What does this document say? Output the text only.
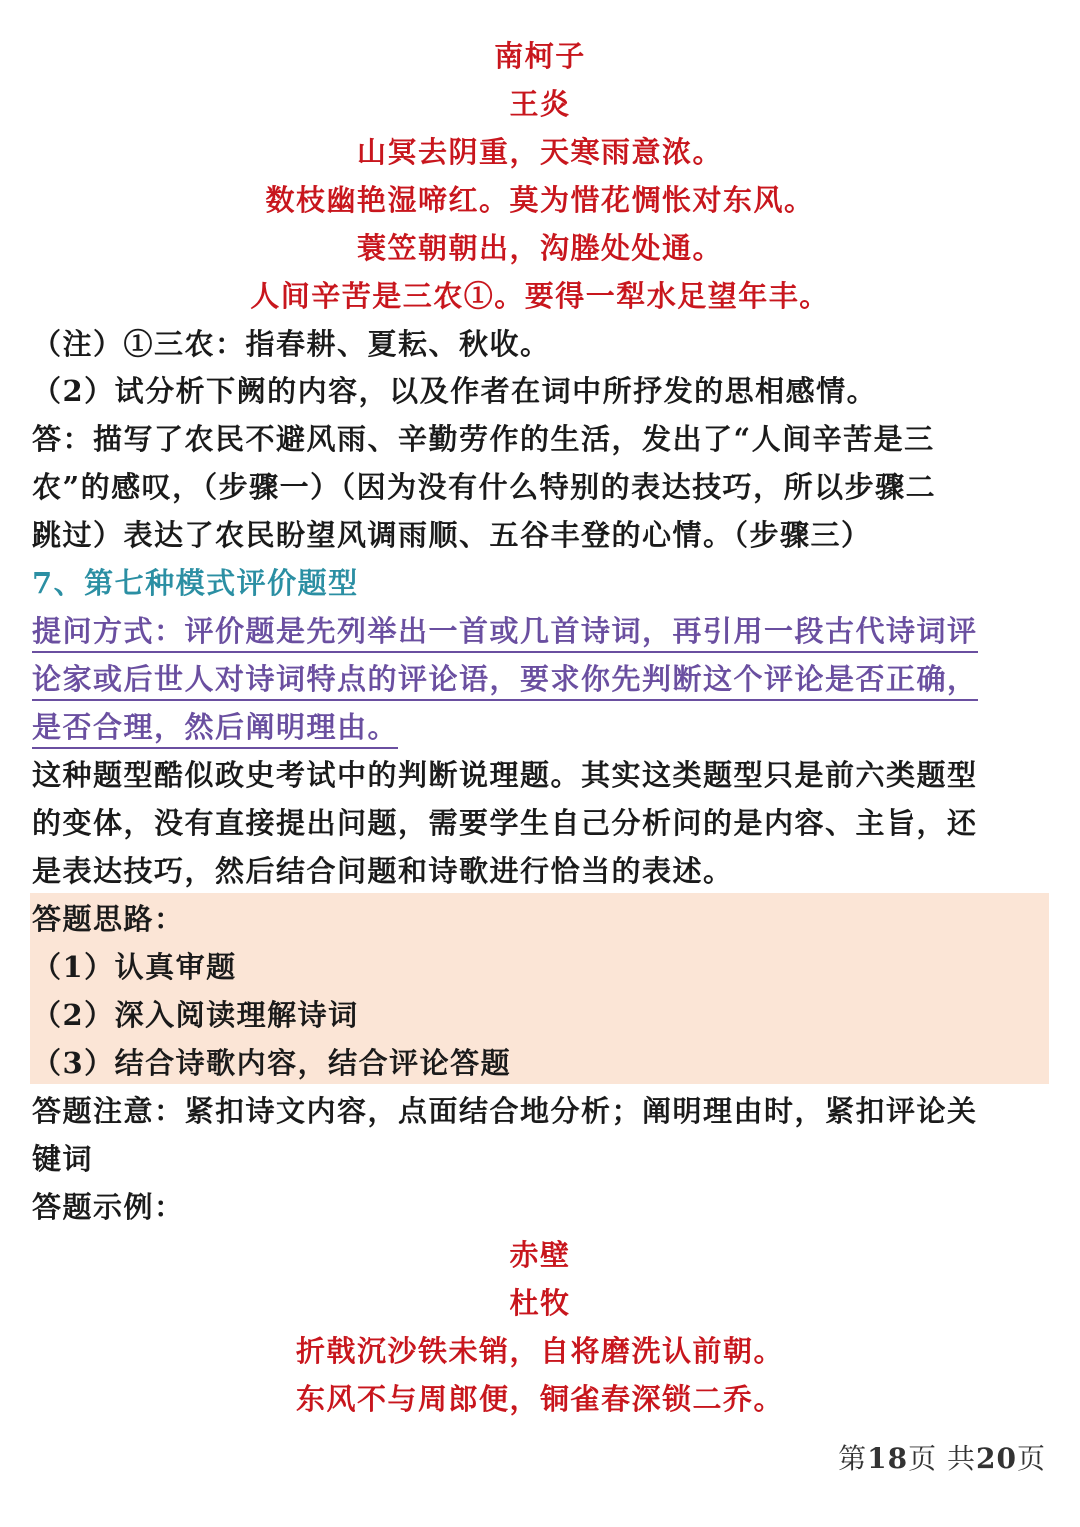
南柯子
王炎
山冥去阴重，天寒雨意浓。
数枝幽艳湿啼红。莫为惜花惆怅对东风。
蓑笠朝朝出，沟塍处处通。
人间辛苦是三农①。要得一犁水足望年丰。
（注）①三农：指春耕、夏耘、秋收。
（2）试分析下阙的内容，以及作者在词中所抒发的思相感情。
答：描写了农民不避风雨、辛勤劳作的生活，发出了“人间辛苦是三
农”的感叹，（步骤一）（因为没有什么特别的表达技巧，所以步骤二
跳过）表达了农民盼望风调雨顺、五谷丰登的心情。（步骤三）
7、第七种模式评价题型
提问方式：评价题是先列举出一首或几首诗词，再引用一段古代诗词评
论家或后世人对诗词特点的评论语，要求你先判断这个评论是否正确，
是否合理，然后阐明理由。
这种题型酷似政史考试中的判断说理题。其实这类题型只是前六类题型
的变体，没有直接提出问题，需要学生自己分析问的是内容、主旨，还
是表达技巧，然后结合问题和诗歌进行恰当的表述。
答题思路：
（1）认真审题
（2）深入阅读理解诗词
（3）结合诗歌内容，结合评论答题
答题注意：紧扣诗文内容，点面结合地分析；阐明理由时，紧扣评论关
键词
答题示例：
赤壁
杜牧
折戟沉沙铁未销，自将磨洗认前朝。
东风不与周郎便，铜雀春深锁二乔。
第18页 共20页
